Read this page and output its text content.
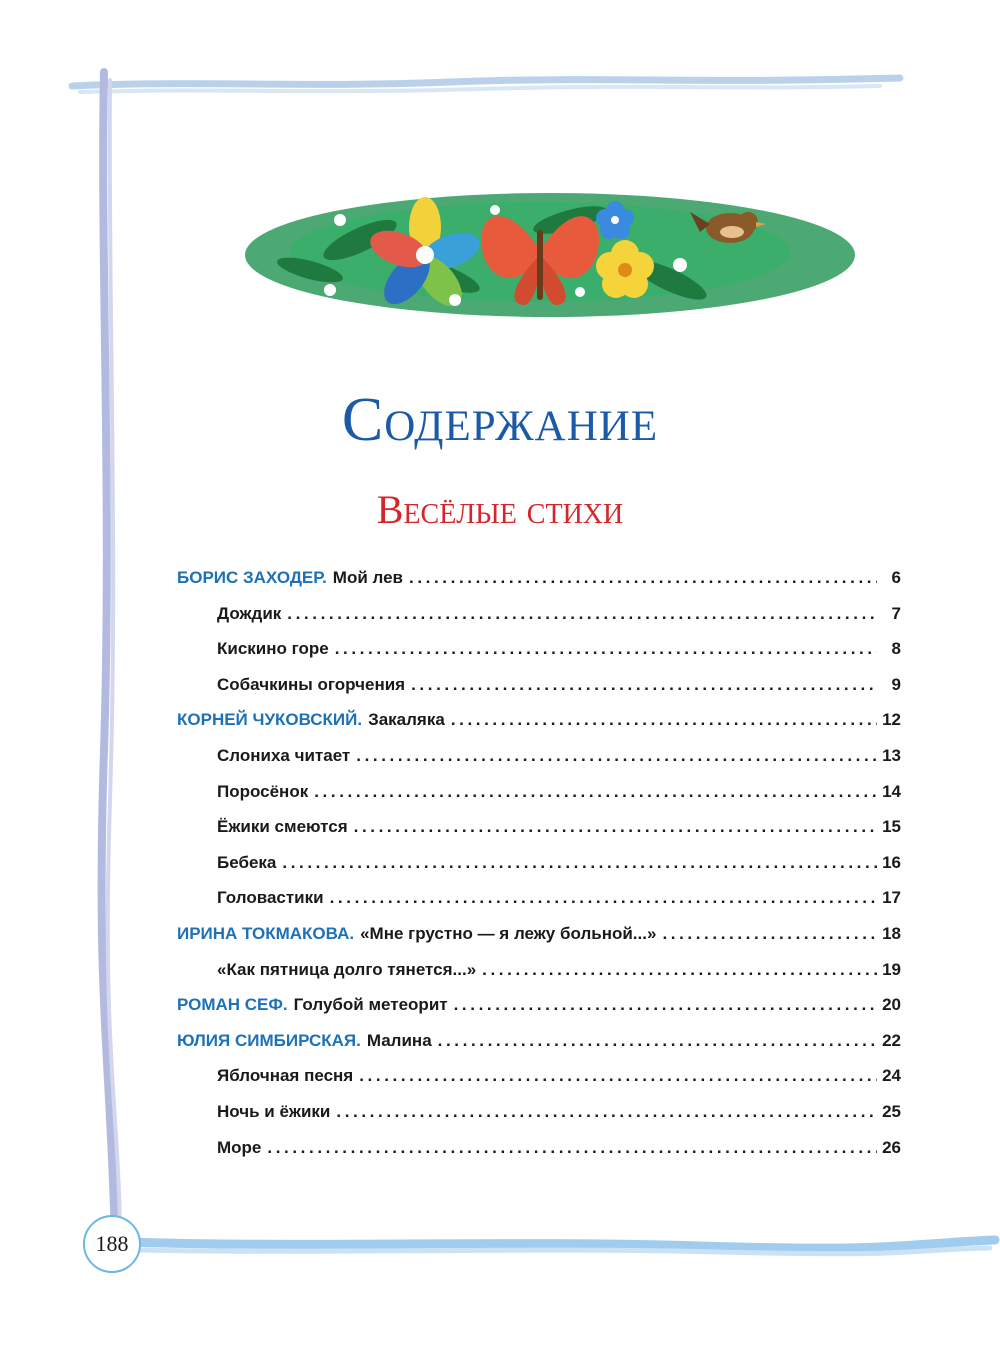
Содержание
Весёлые стихи
БОРИС ЗАХОДЕР. Мой лев .....	6
Дождик .....	7
Кискино горе .....	8
Собачкины огорчения .....	9
КОРНЕЙ ЧУКОВСКИЙ. Закаляка .....	12
Слониха читает .....	13
Поросёнок .....	14
Ёжики смеются .....	15
Бебека .....	16
Головастики .....	17
ИРИНА ТОКМАКОВА. «Мне грустно — я лежу больной...» .....	18
«Как пятница долго тянется...» .....	19
РОМАН СЕФ. Голубой метеорит .....	20
ЮЛИЯ СИМБИРСКАЯ. Малина .....	22
Яблочная песня .....	24
Ночь и ёжики .....	25
Море .....	26
188
